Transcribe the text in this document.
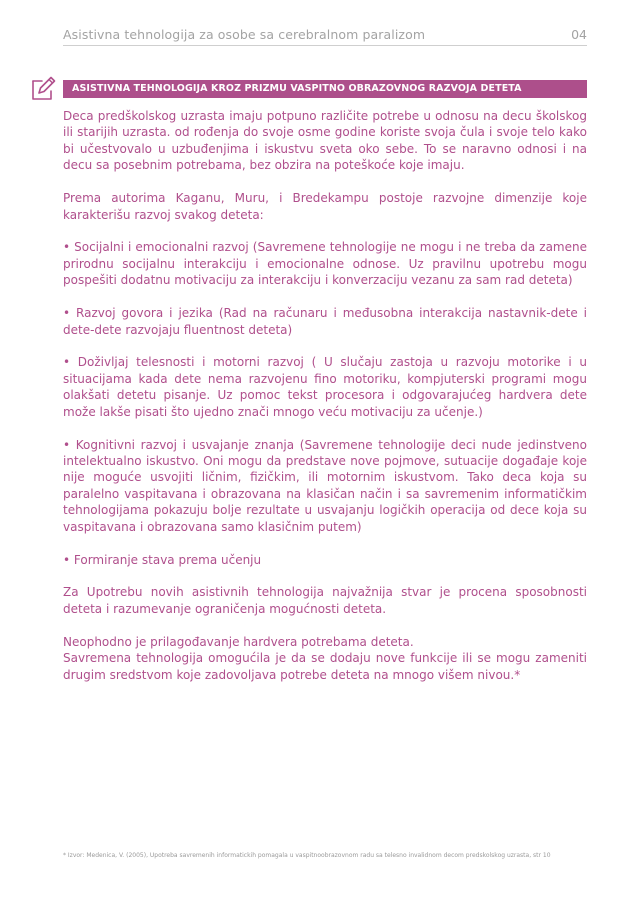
Asistivna tehnologija za osobe sa cerebralnom paralizom	04
ASISTIVNA TEHNOLOGIJA KROZ PRIZMU VASPITNO OBRAZOVNOG RAZVOJA DETETA

Deca predškolskog uzrasta imaju potpuno različite potrebe u odnosu na decu školskog ili starijih uzrasta. od rođenja do svoje osme godine koriste svoja čula i svoje telo kako bi učestvovalo u uzbuđenjima i iskustvu sveta oko sebe. To se naravno odnosi i na decu sa posebnim potrebama, bez obzira na poteškoće koje imaju.

Prema autorima Kaganu, Muru, i Bredekampu postoje razvojne dimenzije koje karakterišu razvoj svakog deteta:

• Socijalni i emocionalni razvoj (Savremene tehnologije ne mogu i ne treba da zamene prirodnu socijalnu interakciju i emocionalne odnose. Uz pravilnu upotrebu mogu pospešiti dodatnu motivaciju za interakciju i konverzaciju vezanu za sam rad deteta)

• Razvoj govora i jezika (Rad na računaru i međusobna interakcija nastavnik-dete i dete-dete razvojaju fluentnost deteta)

• Doživljaj telesnosti i motorni razvoj ( U slučaju zastoja u razvoju motorike i u situacijama kada dete nema razvojenu fino motoriku, kompjuterski programi mogu olakšati detetu pisanje. Uz pomoc tekst procesora i odgovarajućeg hardvera dete može lakše pisati što ujedno znači mnogo veću motivaciju za učenje.)

• Kognitivni razvoj i usvajanje znanja (Savremene tehnologije deci nude jedinstveno intelektualno iskustvo. Oni mogu da predstave nove pojmove, sutuacije događaje koje nije moguće usvojiti ličnim, fizičkim, ili motornim iskustvom. Tako deca koja su paralelno vaspitavana i obrazovana na klasičan način i sa savremenim informatičkim tehnologijama pokazuju bolje rezultate u usvajanju logičkih operacija od dece koja su vaspitavana i obrazovana samo klasičnim putem)

• Formiranje stava prema učenju

Za Upotrebu novih asistivnih tehnologija najvažnija stvar je procena sposobnosti deteta i razumevanje ograničenja mogućnosti deteta.

Neophodno je prilagođavanje hardvera potrebama deteta.

Savremena tehnologija omogućila je da se dodaju nove funkcije ili se mogu zameniti drugim sredstvom koje zadovoljava potrebe deteta na mnogo višem nivou.*

* Izvor: Medenica, V. (2005), Upotreba savremenih informatickih pomagala u vaspitnoobrazovnom radu sa telesno invalidnom decom predskolskog uzrasta, str 10
